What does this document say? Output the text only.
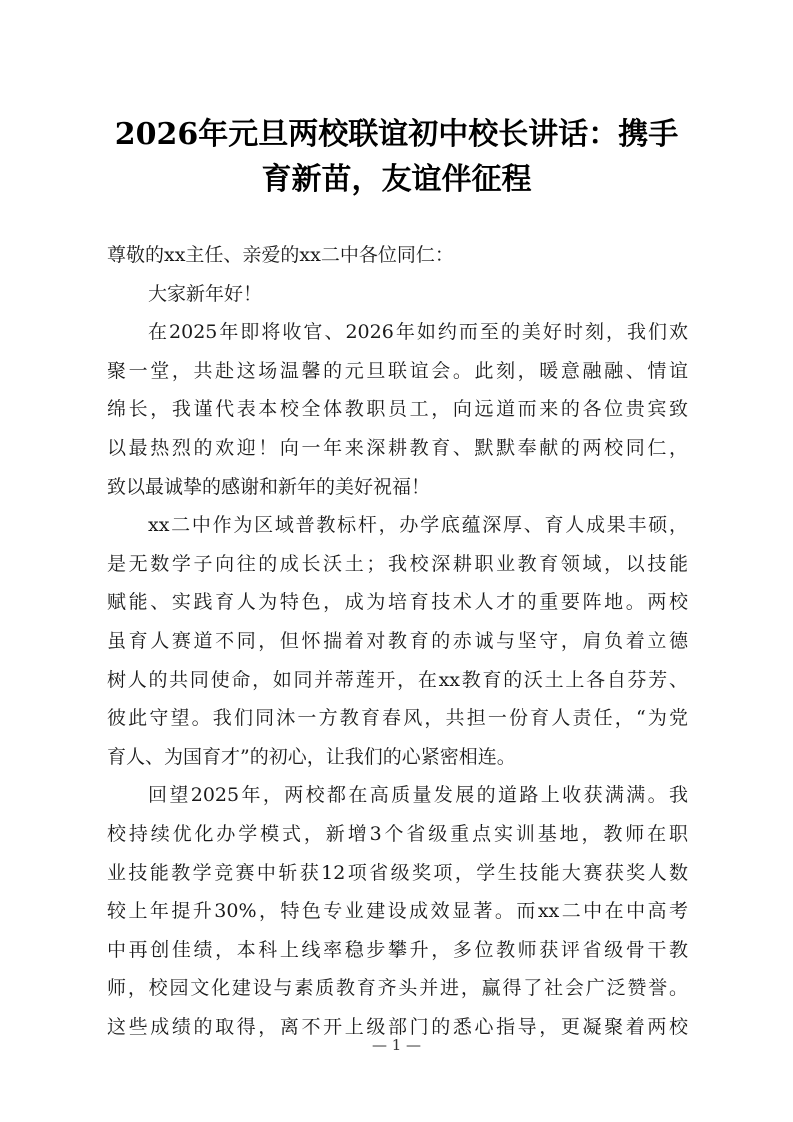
2026年元旦两校联谊初中校长讲话：携手
育新苗，友谊伴征程
尊敬的xx主任、亲爱的xx二中各位同仁：
大家新年好！
在2025年即将收官、2026年如约而至的美好时刻，我们欢
聚一堂，共赴这场温馨的元旦联谊会。此刻，暖意融融、情谊
绵长，我谨代表本校全体教职员工，向远道而来的各位贵宾致
以最热烈的欢迎！向一年来深耕教育、默默奉献的两校同仁，
致以最诚挚的感谢和新年的美好祝福！
xx二中作为区域普教标杆，办学底蕴深厚、育人成果丰硕，
是无数学子向往的成长沃土；我校深耕职业教育领域，以技能
赋能、实践育人为特色，成为培育技术人才的重要阵地。两校
虽育人赛道不同，但怀揣着对教育的赤诚与坚守，肩负着立德
树人的共同使命，如同并蒂莲开，在xx教育的沃土上各自芬芳、
彼此守望。我们同沐一方教育春风，共担一份育人责任，“为党
育人、为国育才”的初心，让我们的心紧密相连。
回望2025年，两校都在高质量发展的道路上收获满满。我
校持续优化办学模式，新增3个省级重点实训基地，教师在职
业技能教学竞赛中斩获12项省级奖项，学生技能大赛获奖人数
较上年提升30%，特色专业建设成效显著。而xx二中在中高考
中再创佳绩，本科上线率稳步攀升，多位教师获评省级骨干教
师，校园文化建设与素质教育齐头并进，赢得了社会广泛赞誉。
这些成绩的取得，离不开上级部门的悉心指导，更凝聚着两校
— 1 —
